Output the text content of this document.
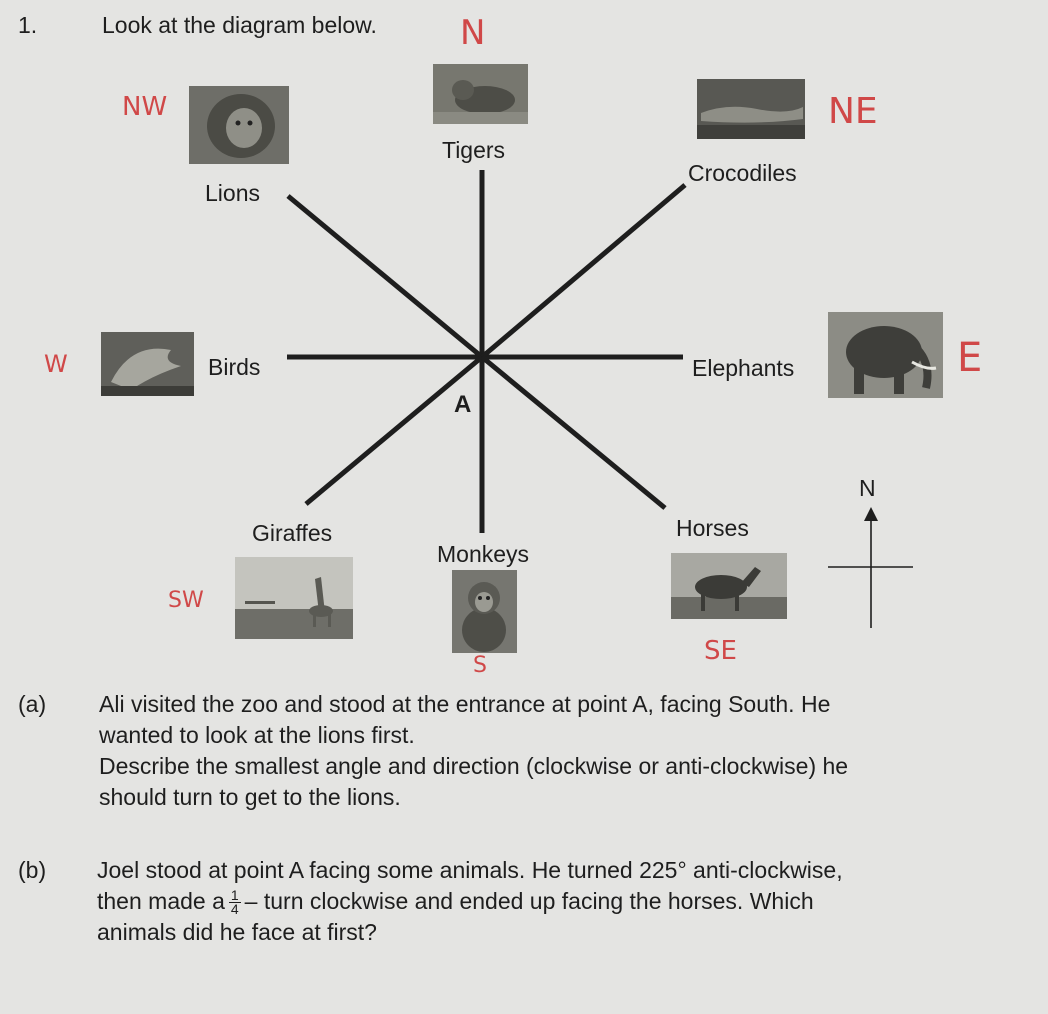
1.	Look at the diagram below.
Tigers
Lions
Crocodiles
Birds	Elephants
Giraffes
Monkeys
Horses
A
N
N
NW	NE
W	E
SW
S	SE
(a) Ali visited the zoo and stood at the entrance at point A, facing South. He
wanted to look at the lions first.
Describe the smallest angle and direction (clockwise or anti-clockwise) he
should turn to get to the lions.
(b) Joel stood at point A facing some animals. He turned 225° anti-clockwise,
then made a $\frac{1}{4}$ – turn clockwise and ended up facing the horses. Which
animals did he face at first?
